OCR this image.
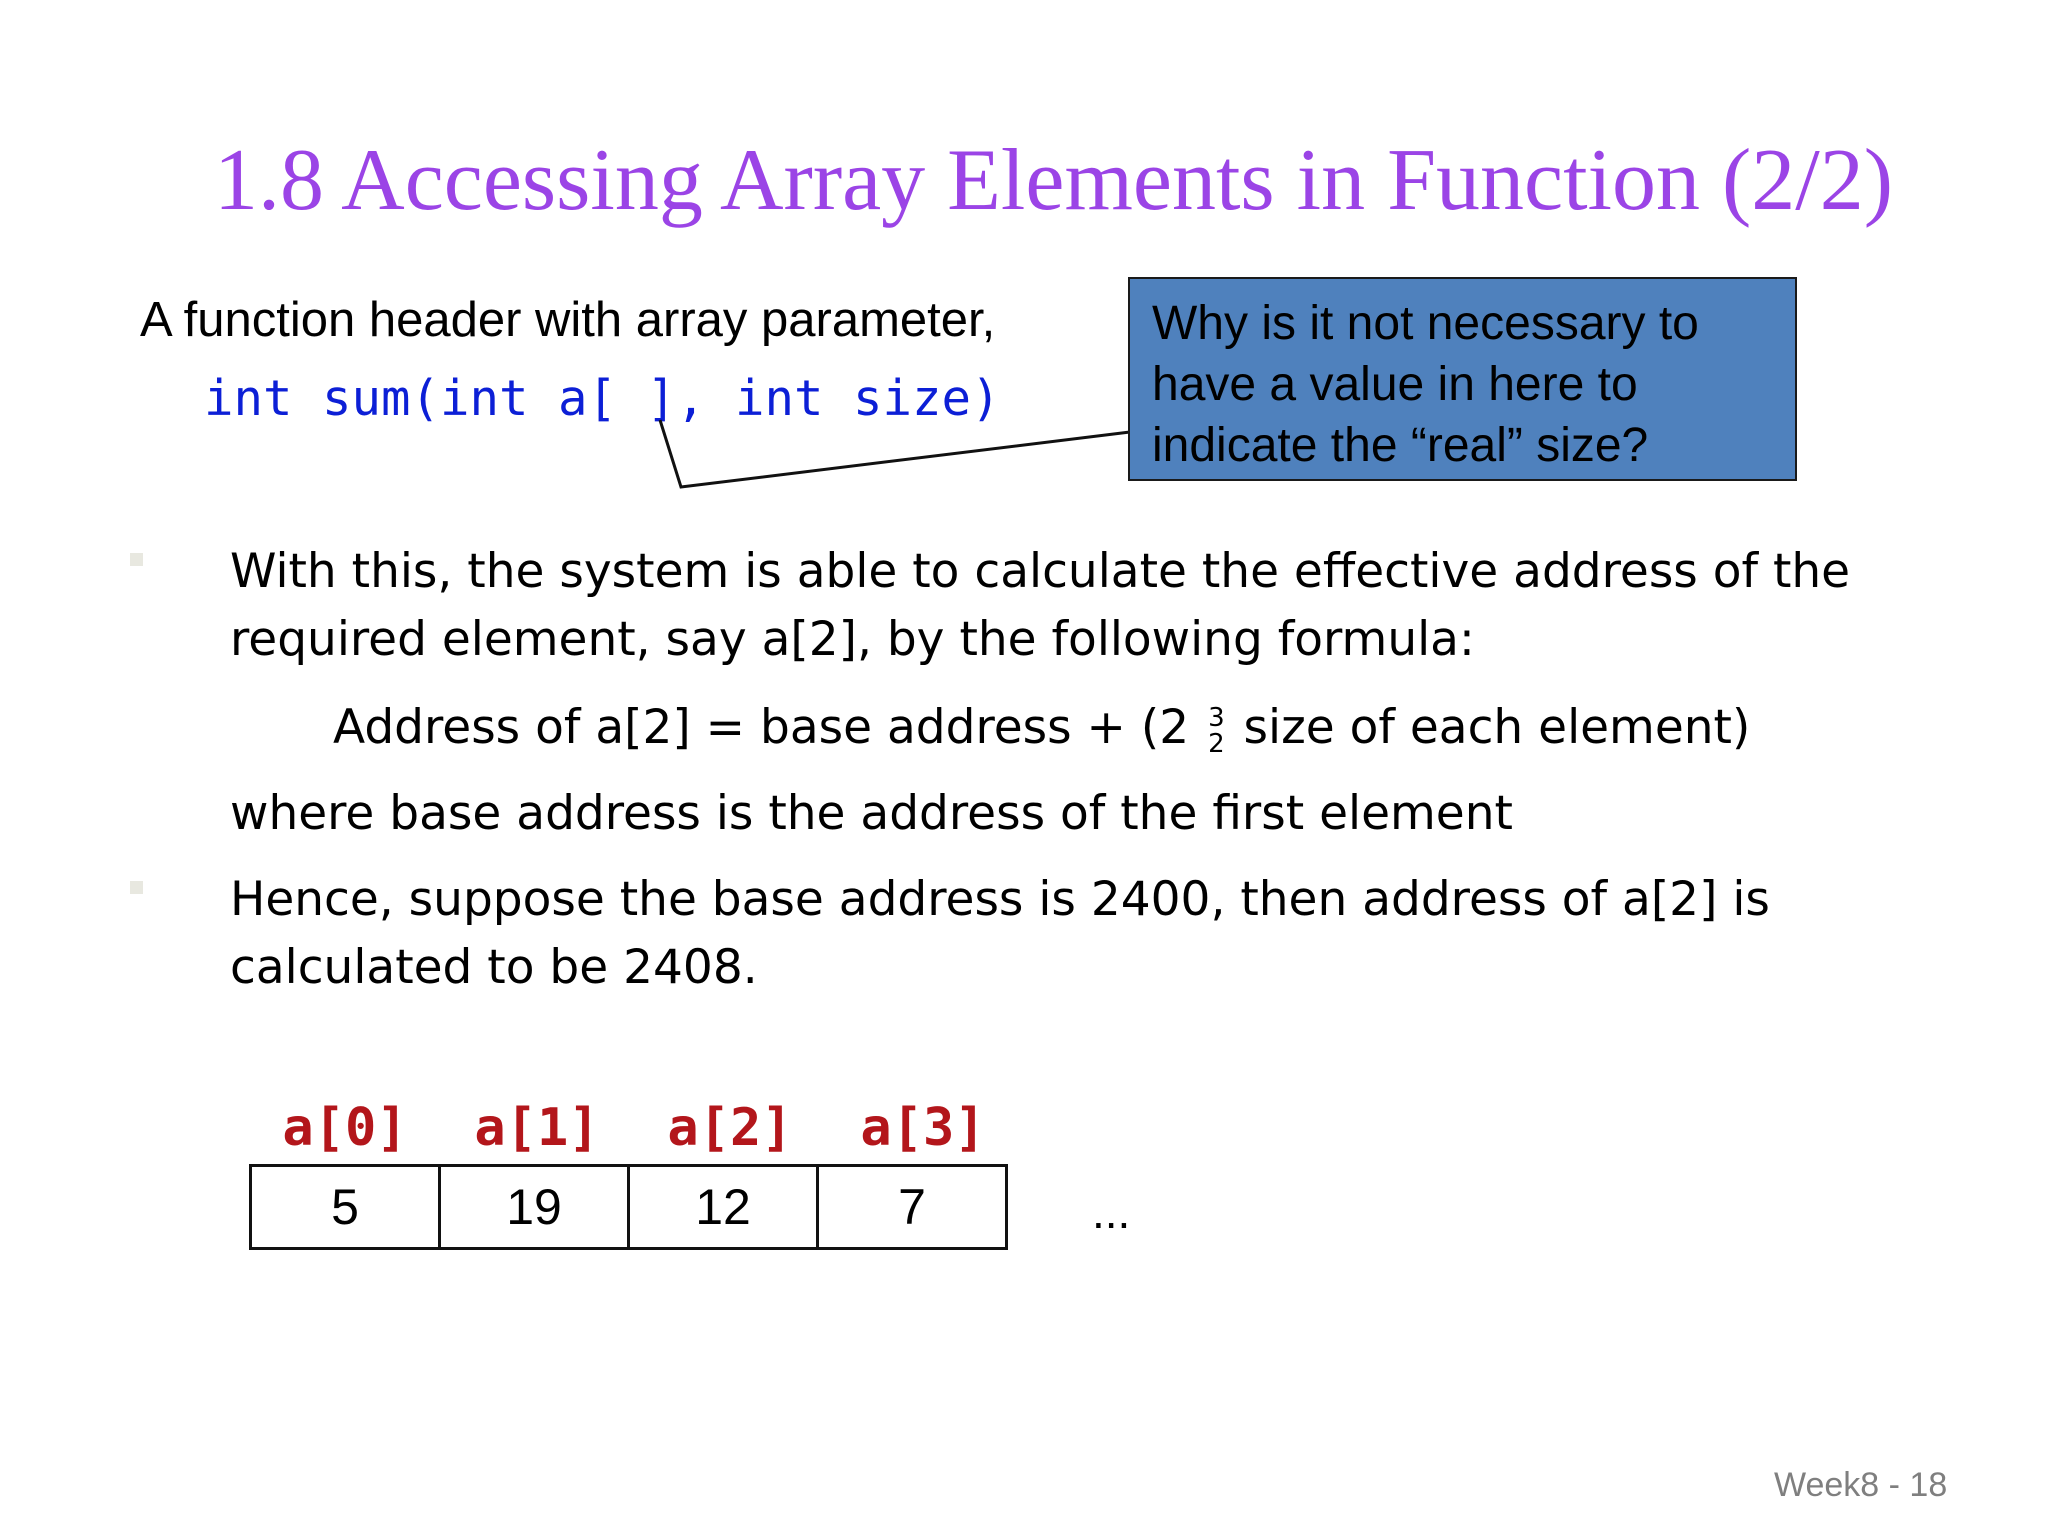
1.8 Accessing Array Elements in Function (2/2)
A function header with array parameter,
int sum(int a[ ], int size)
Why is it not necessary to
have a value in here to
indicate the “real” size?
With this, the system is able to calculate the effective address of the
required element, say a[2], by the following formula:
Address of a[2] = base address + (2 3
2 size of each element)
where base address is the address of the first element
Hence, suppose the base address is 2400, then address of a[2] is
calculated to be 2408.
a[0]	a[1]	a[2]	a[3]
5	19	12	7	...
Week8 - 18
